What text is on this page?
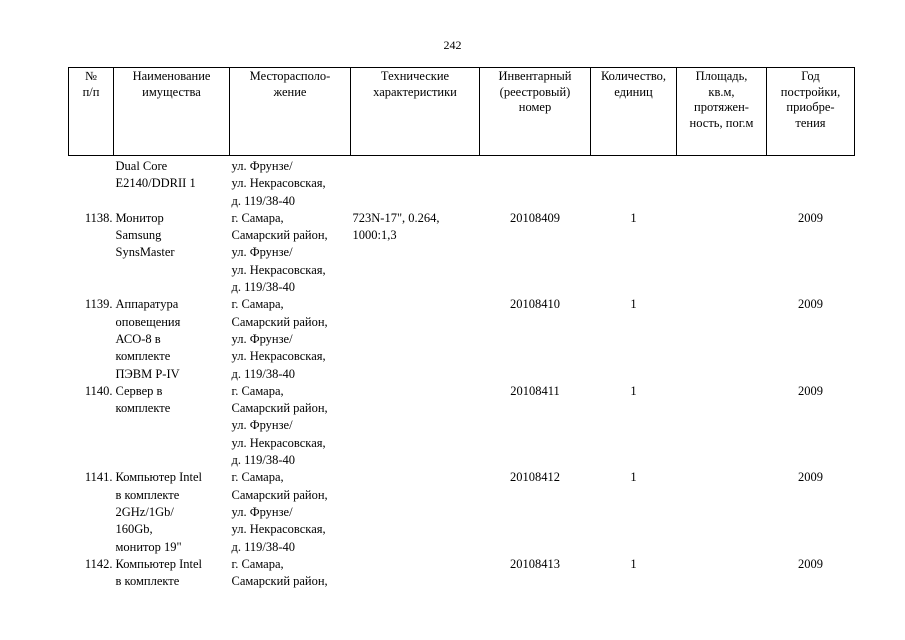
242
№
п/п	Наименование
имущества	Месторасполо-
жение	Технические
характеристики	Инвентарный
(реестровый)
номер	Количество,
единиц	Площадь,
кв.м,
протяжен-
ность, пог.м	Год
постройки,
приобре-
тения

	Dual Core
E2140/DDRII 1	ул. Фрунзе/
ул. Некрасовская,
д. 119/38-40					

1138.	Монитор
Samsung
SynsMaster	г. Самара,
Самарский район,
ул. Фрунзе/
ул. Некрасовская,
д. 119/38-40	723N-17", 0.264,
1000:1,3	20108409	1		2009
1139.	Аппаратура
оповещения
АСО-8 в
комплекте
ПЭВМ P-IV	г. Самара,
Самарский район,
ул. Фрунзе/
ул. Некрасовская,
д. 119/38-40		20108410	1		2009
1140.	Сервер в
комплекте	г. Самара,
Самарский район,
ул. Фрунзе/
ул. Некрасовская,
д. 119/38-40		20108411	1		2009
1141.	Компьютер Intel
в комплекте
2GHz/1Gb/
160Gb,
монитор 19"	г. Самара,
Самарский район,
ул. Фрунзе/
ул. Некрасовская,
д. 119/38-40		20108412	1		2009
1142.	Компьютер Intel
в комплекте	г. Самара,
Самарский район,		20108413	1		2009
